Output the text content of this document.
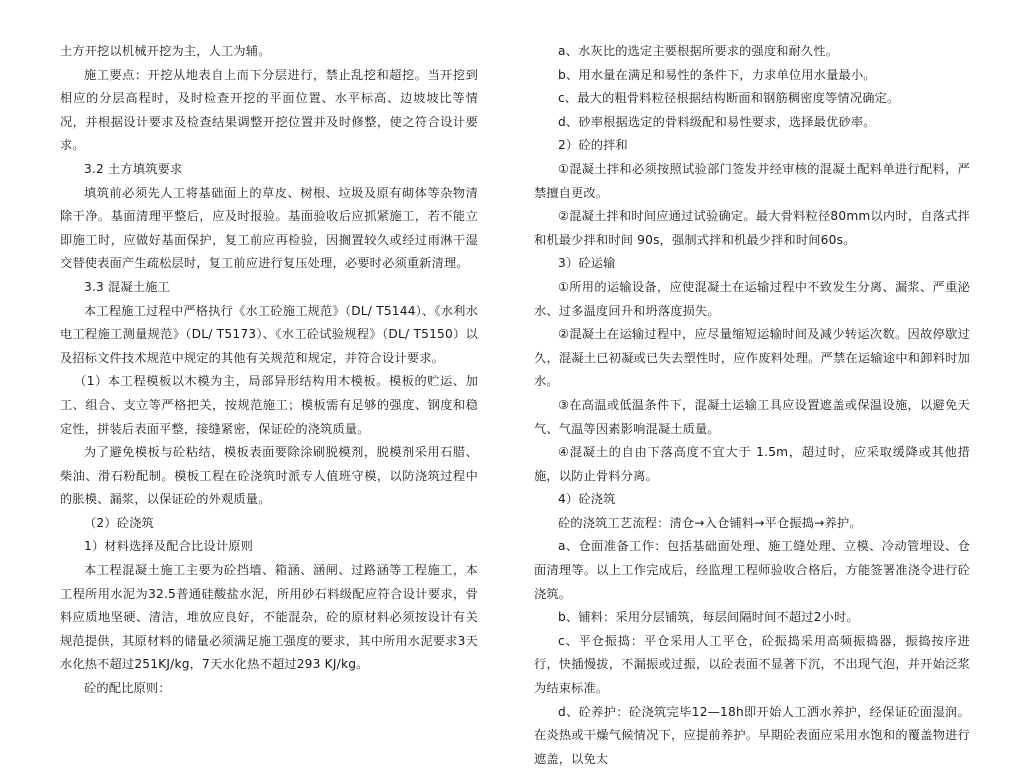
土方开挖以机械开挖为主，人工为辅。

施工要点：开挖从地表自上而下分层进行，禁止乱挖和超挖。当开挖到相应的分层高程时，及时检查开挖的平面位置、水平标高、边坡坡比等情况，并根据设计要求及检查结果调整开挖位置并及时修整，使之符合设计要求。

3.2 土方填筑要求

填筑前必须先人工将基础面上的草皮、树根、垃圾及原有砌体等杂物清除干净。基面清理平整后，应及时报验。基面验收后应抓紧施工，若不能立即施工时，应做好基面保护，复工前应再检验，因搁置较久或经过雨淋干湿交替使表面产生疏松层时，复工前应进行复压处理，必要时必须重新清理。

3.3 混凝土施工

本工程施工过程中严格执行《水工砼施工规范》（DL/ T5144）、《水利水电工程施工测量规范》（DL/ T5173）、《水工砼试验规程》（DL/ T5150）以及招标文件技术规范中规定的其他有关规范和规定，并符合设计要求。

（1）本工程模板以木模为主，局部异形结构用木模板。模板的贮运、加工、组合、支立等严格把关，按规范施工；模板需有足够的强度、钢度和稳定性，拼装后表面平整，接缝紧密，保证砼的浇筑质量。

为了避免模板与砼粘结，模板表面要除涂刷脱模剂，脱模剂采用石腊、柴油、滑石粉配制。模板工程在砼浇筑时派专人值班守模，以防浇筑过程中的胀模、漏浆，以保证砼的外观质量。

（2）砼浇筑

1）材料选择及配合比设计原则

本工程混凝土施工主要为砼挡墙、箱涵、涵闸、过路涵等工程施工，本工程所用水泥为32.5普通硅酸盐水泥，所用砂石料级配应符合设计要求，骨料应质地坚硬、清洁，堆放应良好，不能混杂，砼的原材料必须按设计有关规范提供，其原材料的储量必须满足施工强度的要求，其中所用水泥要求3天水化热不超过251KJ/kg，7天水化热不超过293 KJ/kg。

砼的配比原则：

a、水灰比的选定主要根据所要求的强度和耐久性。

b、用水量在满足和易性的条件下，力求单位用水量最小。

c、最大的粗骨料粒径根据结构断面和钢筋稠密度等情况确定。

d、砂率根据选定的骨料级配和易性要求，选择最优砂率。

2）砼的拌和

①混凝土拌和必须按照试验部门签发并经审核的混凝土配料单进行配料，严禁擅自更改。

②混凝土拌和时间应通过试验确定。最大骨料粒径80mm以内时，自落式拌和机最少拌和时间 90s，强制式拌和机最少拌和时间60s。

3）砼运输

①所用的运输设备，应使混凝土在运输过程中不致发生分离、漏浆、严重泌水、过多温度回升和坍落度损失。

②混凝土在运输过程中，应尽量缩短运输时间及减少转运次数。因故停歇过久，混凝土已初凝或已失去塑性时，应作废料处理。严禁在运输途中和卸料时加水。

③在高温或低温条件下，混凝土运输工具应设置遮盖或保温设施，以避免天气、气温等因素影响混凝土质量。

④混凝土的自由下落高度不宜大于 1.5m，超过时，应采取缓降或其他措施，以防止骨料分离。

4）砼浇筑

砼的浇筑工艺流程：清仓→入仓铺料→平仓振捣→养护。

a、仓面准备工作：包括基础面处理、施工缝处理、立模、冷动管埋设、仓面清理等。以上工作完成后，经监理工程师验收合格后，方能签署准浇令进行砼浇筑。

b、铺料：采用分层铺筑，每层间隔时间不超过2小时。

c、平仓振捣：平仓采用人工平仓，砼振捣采用高频振捣器，振捣按序进行，快插慢拔，不漏振或过振，以砼表面不显著下沉，不出现气泡，并开始泛浆为结束标准。

d、砼养护：砼浇筑完毕12—18h即开始人工洒水养护，经保证砼面湿润。在炎热或干燥气候情况下，应提前养护。早期砼表面应采用水饱和的覆盖物进行遮盖，以免太
